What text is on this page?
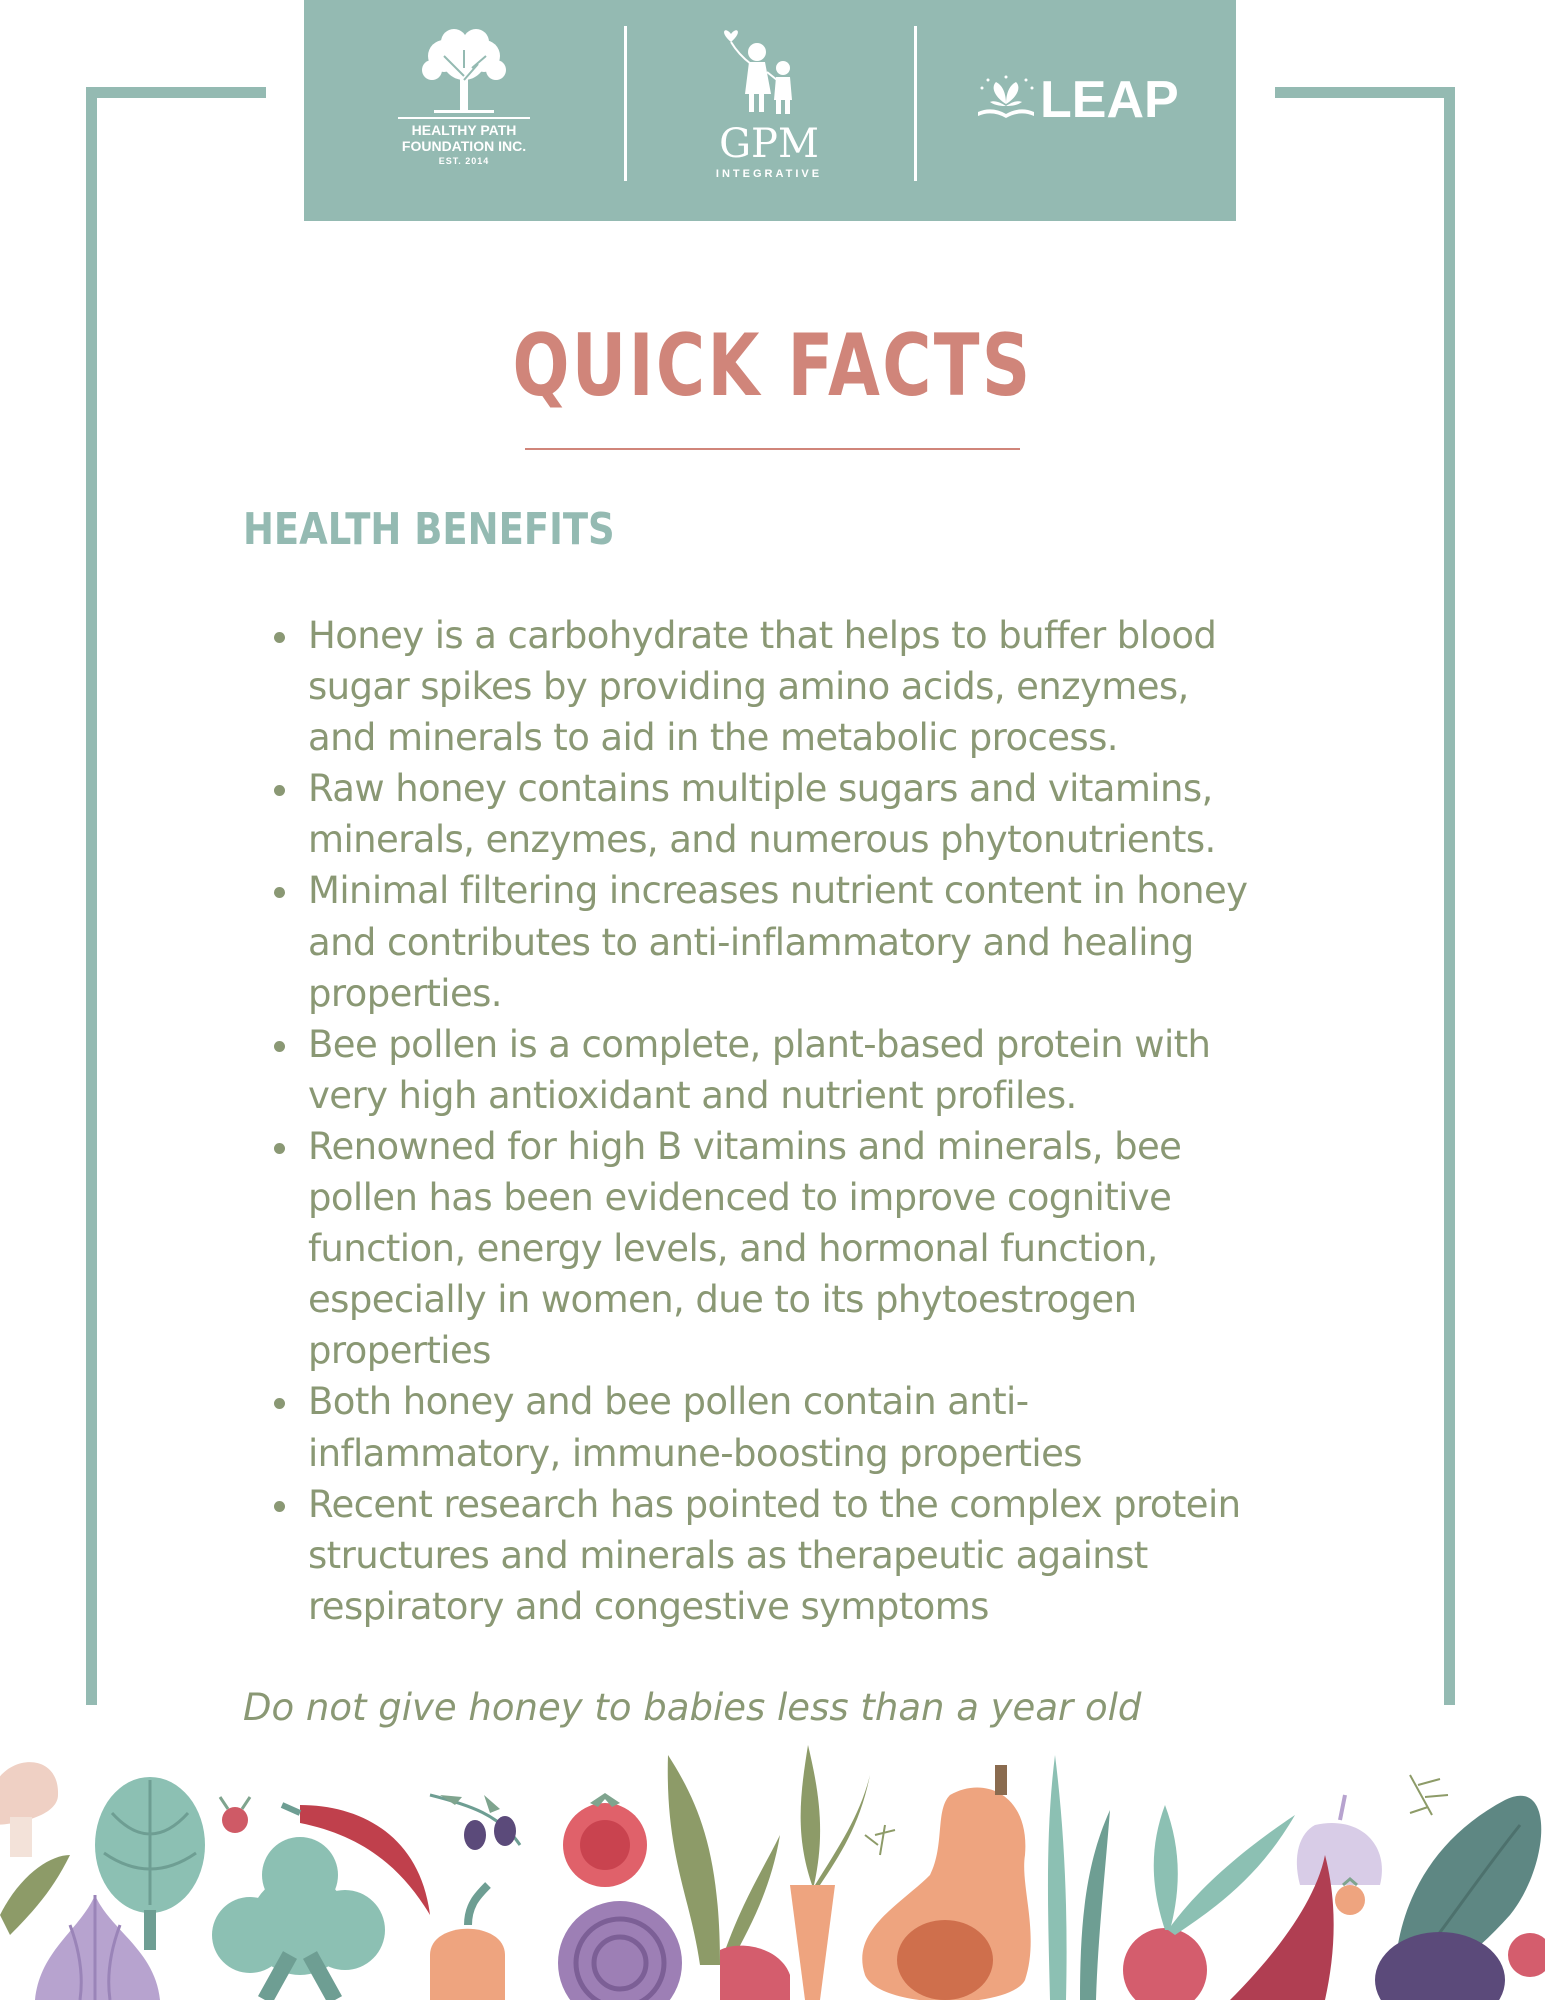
HEALTHY PATH
FOUNDATION INC.
EST. 2014	GPM
INTEGRATIVE
LEAP
QUICK FACTS
HEALTH BENEFITS
Honey is a carbohydrate that helps to buffer blood
sugar spikes by providing amino acids, enzymes,
and minerals to aid in the metabolic process.
Raw honey contains multiple sugars and vitamins,
minerals, enzymes, and numerous phytonutrients.
Minimal filtering increases nutrient content in honey
and contributes to anti-inflammatory and healing
properties.
Bee pollen is a complete, plant-based protein with
very high antioxidant and nutrient profiles.
Renowned for high B vitamins and minerals, bee
pollen has been evidenced to improve cognitive
function, energy levels, and hormonal function,
especially in women, due to its phytoestrogen
properties
Both honey and bee pollen contain anti-
inflammatory, immune-boosting properties
Recent research has pointed to the complex protein
structures and minerals as therapeutic against
respiratory and congestive symptoms

Do not give honey to babies less than a year old
